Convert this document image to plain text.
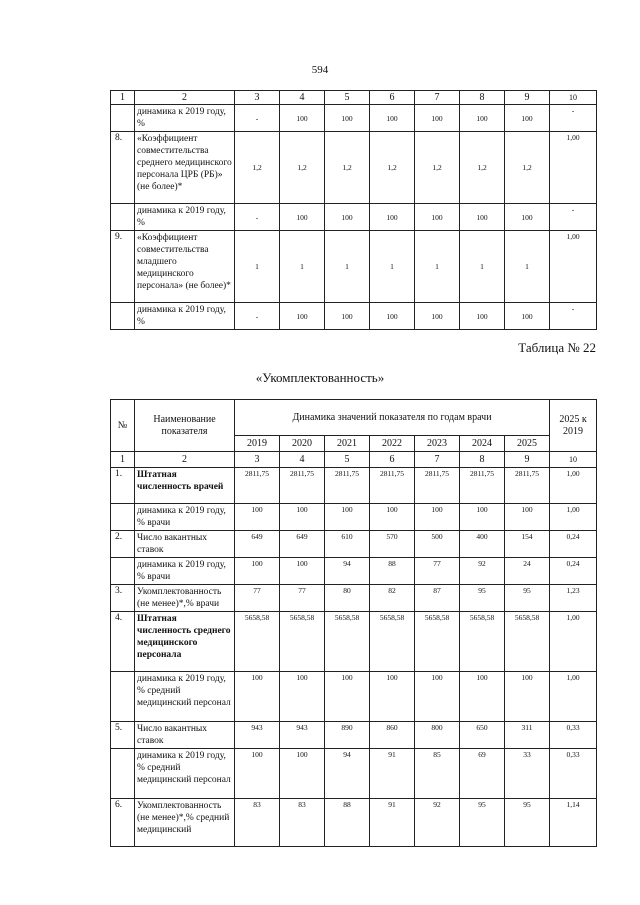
594
1	2	3	4	5	6	7	8	9	10
	динамика к 2019 году, %	-	100	100	100	100	100	100	-
8.	«Коэффициент совместительства среднего медицинского персонала ЦРБ (РБ)» (не более)*	1,2	1,2	1,2	1,2	1,2	1,2	1,2	1,00
	динамика к 2019 году, %	-	100	100	100	100	100	100	-
9.	«Коэффициент совместительства младшего медицинского персонала» (не более)*	1	1	1	1	1	1	1	1,00
	динамика к 2019 году, %	-	100	100	100	100	100	100	-
Таблица № 22
«Укомплектованность»
№	Наименование показателя	Динамика значений показателя по годам врачи							2025 к 2019
		2019	2020	2021	2022	2023	2024	2025	
1	2	3	4	5	6	7	8	9	10
1.	Штатная численность врачей	2811,75	2811,75	2811,75	2811,75	2811,75	2811,75	2811,75	1,00
	динамика к 2019 году, % врачи	100	100	100	100	100	100	100	1,00
2.	Число вакантных ставок	649	649	610	570	500	400	154	0,24
	динамика к 2019 году, % врачи	100	100	94	88	77	92	24	0,24
3.	Укомплектованность (не менее)*,% врачи	77	77	80	82	87	95	95	1,23
4.	Штатная численность среднего медицинского персонала	5658,58	5658,58	5658,58	5658,58	5658,58	5658,58	5658,58	1,00
	динамика к 2019 году, % средний медицинский персонал	100	100	100	100	100	100	100	1,00
5.	Число вакантных ставок	943	943	890	860	800	650	311	0,33
	динамика к 2019 году, % средний медицинский персонал	100	100	94	91	85	69	33	0,33
6.	Укомплектованность (не менее)*,% средний медицинский	83	83	88	91	92	95	95	1,14
